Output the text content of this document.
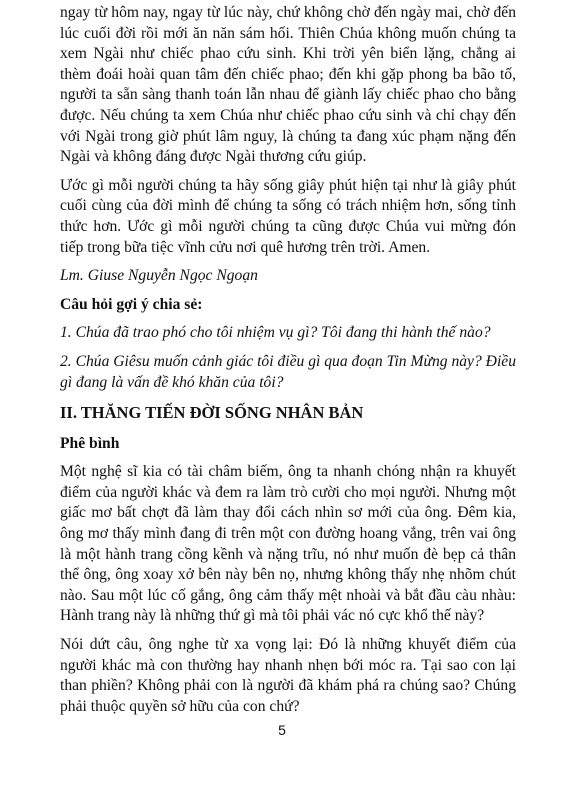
ngay từ hôm nay, ngay từ lúc này, chứ không chờ đến ngày mai, chờ đến lúc cuối đời rồi mới ăn năn sám hối. Thiên Chúa không muốn chúng ta xem Ngài như chiếc phao cứu sinh. Khi trời yên biển lặng, chẳng ai thèm đoái hoài quan tâm đến chiếc phao; đến khi gặp phong ba bão tố, người ta sẵn sàng thanh toán lẫn nhau để giành lấy chiếc phao cho bằng được. Nếu chúng ta xem Chúa như chiếc phao cứu sinh và chỉ chạy đến với Ngài trong giờ phút lâm nguy, là chúng ta đang xúc phạm nặng đến Ngài và không đáng được Ngài thương cứu giúp.

Ước gì mỗi người chúng ta hãy sống giây phút hiện tại như là giây phút cuối cùng của đời mình để chúng ta sống có trách nhiệm hơn, sống tỉnh thức hơn. Ước gì mỗi người chúng ta cũng được Chúa vui mừng đón tiếp trong bữa tiệc vĩnh cửu nơi quê hương trên trời. Amen.

Lm. Giuse Nguyễn Ngọc Ngoạn

Câu hỏi gợi ý chia sẻ:

1. Chúa đã trao phó cho tôi nhiệm vụ gì? Tôi đang thi hành thế nào?

2. Chúa Giêsu muốn cảnh giác tôi điều gì qua đoạn Tin Mừng này? Điều gì đang là vấn đề khó khăn của tôi?

II. THĂNG TIẾN ĐỜI SỐNG NHÂN BẢN

Phê bình

Một nghệ sĩ kia có tài châm biếm, ông ta nhanh chóng nhận ra khuyết điểm của người khác và đem ra làm trò cười cho mọi người. Nhưng một giấc mơ bất chợt đã làm thay đổi cách nhìn sơ mới của ông. Đêm kia, ông mơ thấy mình đang đi trên một con đường hoang vắng, trên vai ông là một hành trang cồng kềnh và nặng trĩu, nó như muốn đè bẹp cả thân thể ông, ông xoay xở bên này bên nọ, nhưng không thấy nhẹ nhõm chút nào. Sau một lúc cố gắng, ông cảm thấy mệt nhoài và bắt đầu càu nhàu: Hành trang này là những thứ gì mà tôi phải vác nó cực khổ thế này?

Nói dứt câu, ông nghe từ xa vọng lại: Đó là những khuyết điểm của người khác mà con thường hay nhanh nhẹn bới móc ra. Tại sao con lại than phiền? Không phải con là người đã khám phá ra chúng sao? Chúng phải thuộc quyền sở hữu của con chứ?

5
